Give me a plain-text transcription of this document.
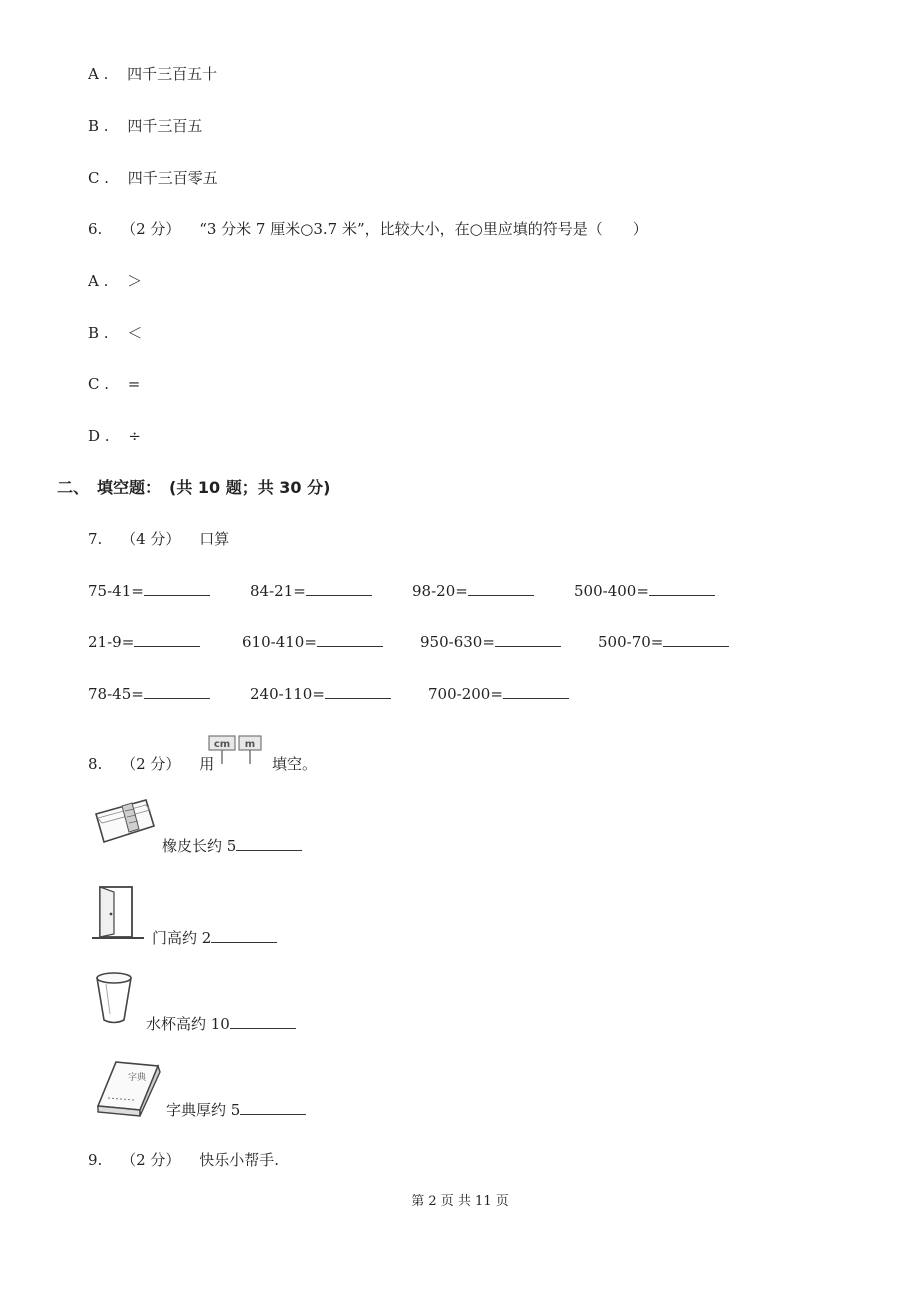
A . 四千三百五十
B . 四千三百五
C . 四千三百零五
6. （2 分） “3 分米 7 厘米○3.7 米”，比较大小，在○里应填的符号是（　　）
A . ＞
B . ＜
C . =
D . ÷
二、　填空题：　(共 10 题；共 30 分)
7. （4 分） 口算
75-41=	84-21=	98-20=	500-400=
21-9=	610-410=	950-630=	500-70=
78-45=	240-110=	700-200=
8. （2 分） 用
cm m
填空。
橡皮长约 5
门高约 2
水杯高约 10
字典
字典厚约 5
9. （2 分） 快乐小帮手.
第 2 页 共 11 页
